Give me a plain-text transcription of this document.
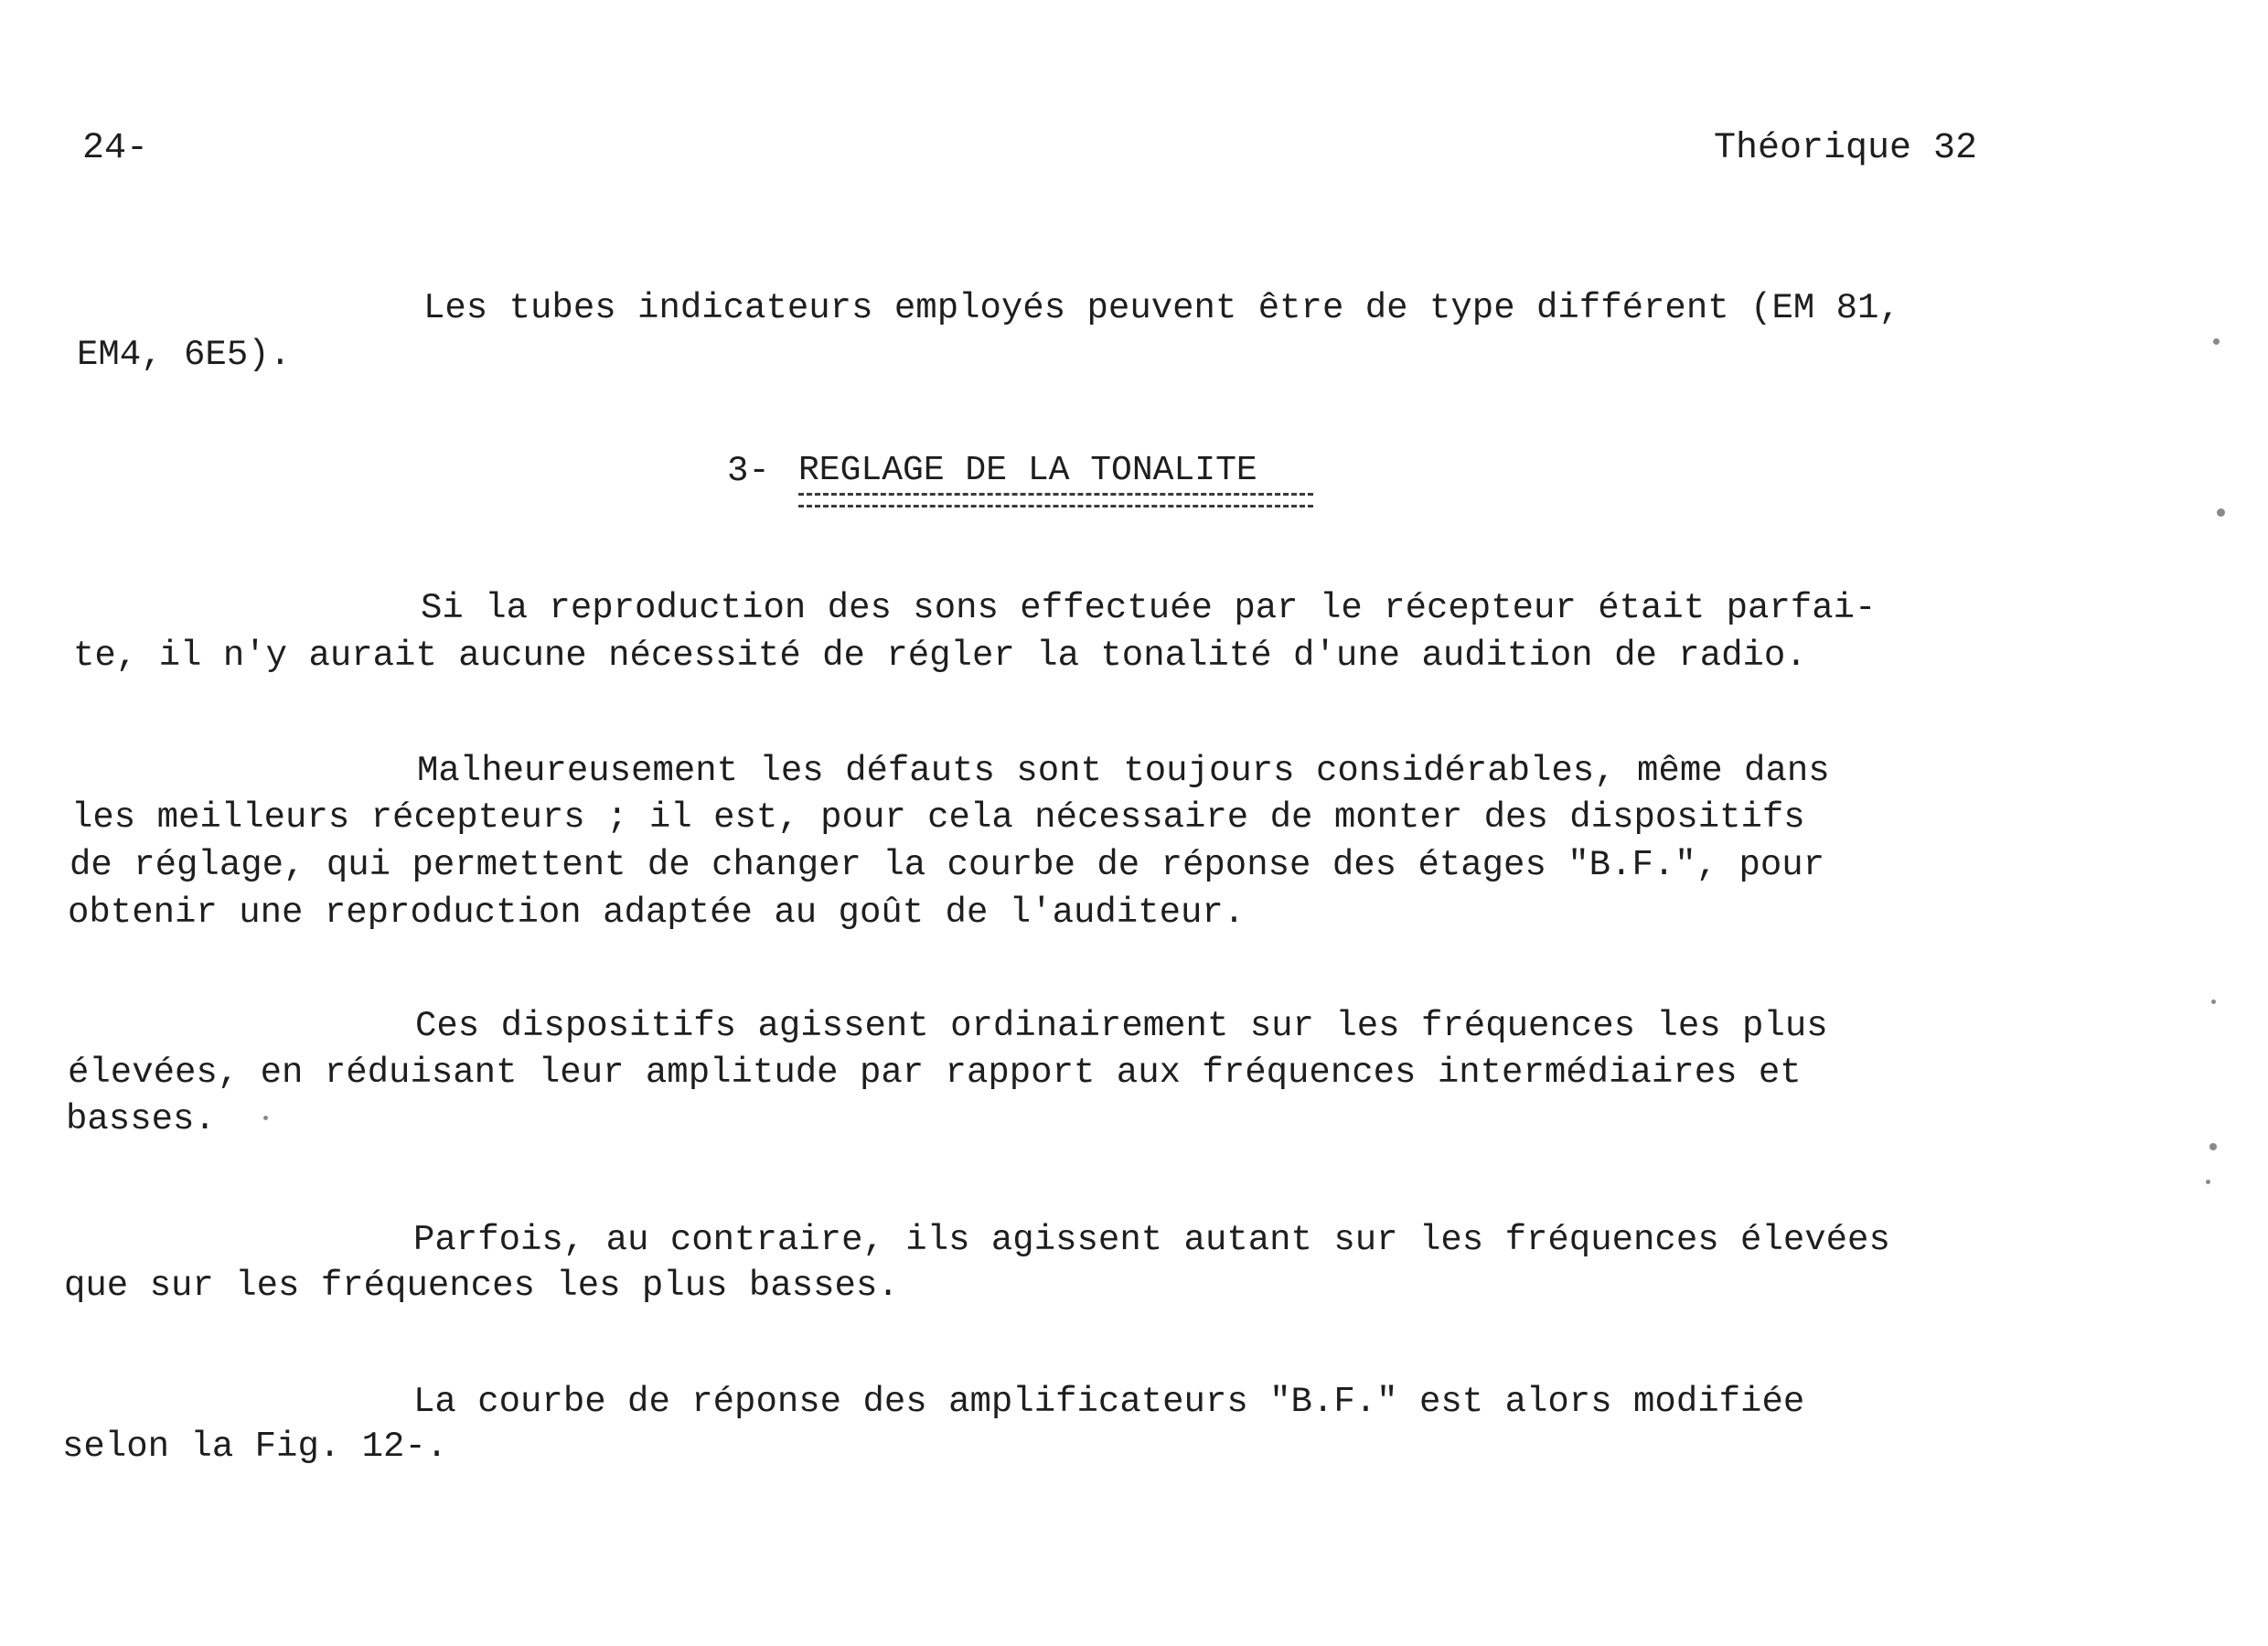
24-	Théorique 32
Les tubes indicateurs employés peuvent être de type différent (EM 81,
EM4, 6E5).
3- REGLAGE DE LA TONALITE
Si la reproduction des sons effectuée par le récepteur était parfai-
te, il n'y aurait aucune nécessité de régler la tonalité d'une audition de radio.
Malheureusement les défauts sont toujours considérables, même dans
les meilleurs récepteurs ; il est, pour cela nécessaire de monter des dispositifs
de réglage, qui permettent de changer la courbe de réponse des étages "B.F.", pour
obtenir une reproduction adaptée au goût de l'auditeur.
Ces dispositifs agissent ordinairement sur les fréquences les plus
élevées, en réduisant leur amplitude par rapport aux fréquences intermédiaires et
basses.
Parfois, au contraire, ils agissent autant sur les fréquences élevées
que sur les fréquences les plus basses.
La courbe de réponse des amplificateurs "B.F." est alors modifiée
selon la Fig. 12-.
